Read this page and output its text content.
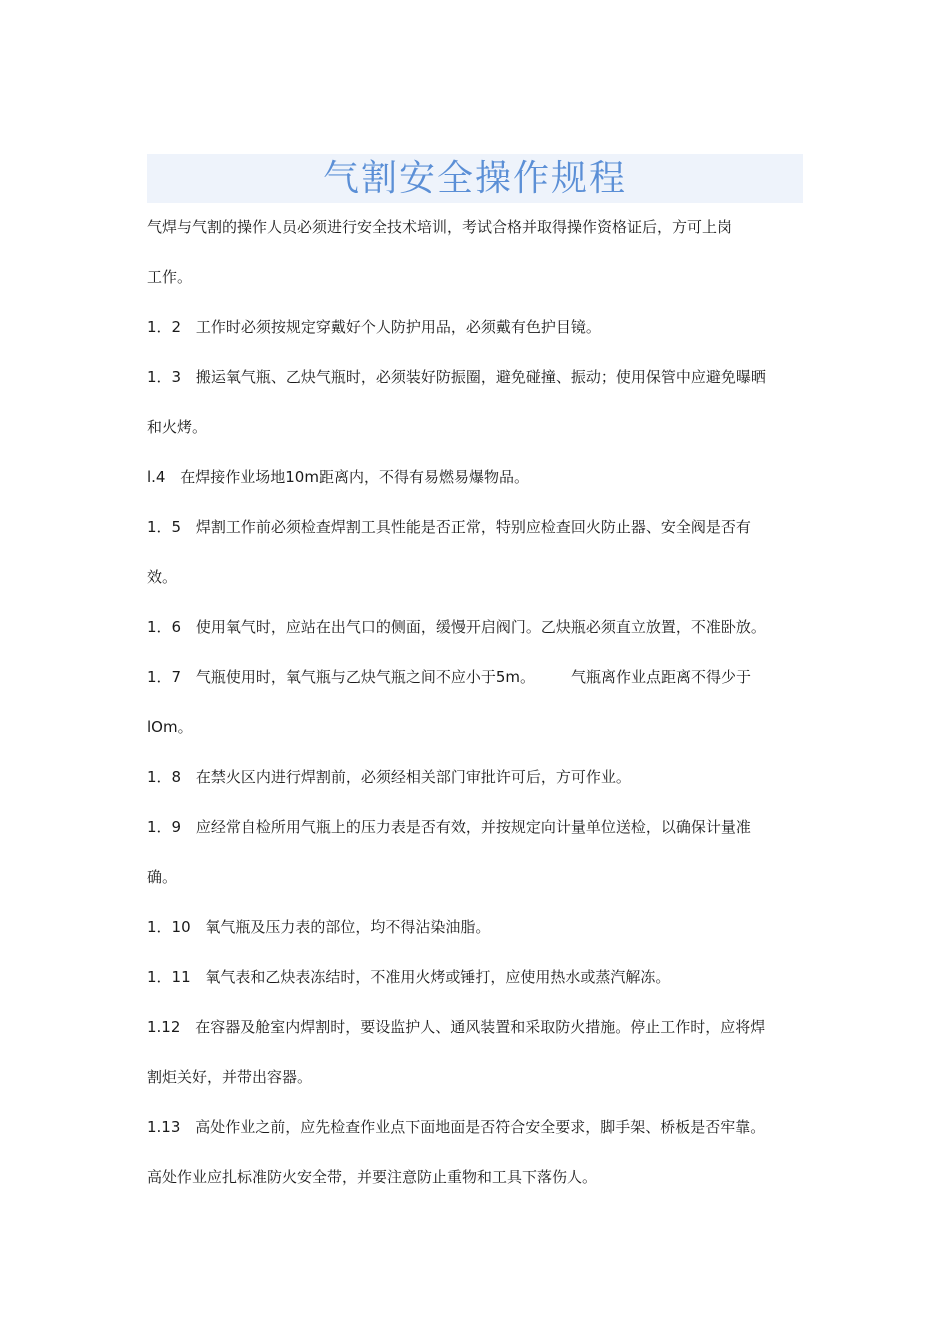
气割安全操作规程
气焊与气割的操作人员必须进行安全技术培训，考试合格并取得操作资格证后，方可上岗
工作。
1．2 工作时必须按规定穿戴好个人防护用品，必须戴有色护目镜。
1．3 搬运氧气瓶、乙炔气瓶时，必须装好防振圈，避免碰撞、振动；使用保管中应避免曝晒
和火烤。
l.4 在焊接作业场地10m距离内，不得有易燃易爆物品。
1．5 焊割工作前必须检查焊割工具性能是否正常，特别应检查回火防止器、安全阀是否有
效。
1．6 使用氧气时，应站在出气口的侧面，缓慢开启阀门。乙炔瓶必须直立放置，不准卧放。
1．7 气瓶使用时，氧气瓶与乙炔气瓶之间不应小于5m。 气瓶离作业点距离不得少于
lOm。
1．8 在禁火区内进行焊割前，必须经相关部门审批许可后，方可作业。
1．9 应经常自检所用气瓶上的压力表是否有效，并按规定向计量单位送检，以确保计量准
确。
1．10 氧气瓶及压力表的部位，均不得沾染油脂。
1．11 氧气表和乙炔表冻结时，不准用火烤或锤打，应使用热水或蒸汽解冻。
1.12 在容器及舱室内焊割时，要设监护人、通风装置和采取防火措施。停止工作时，应将焊
割炬关好，并带出容器。
1.13 高处作业之前，应先检查作业点下面地面是否符合安全要求，脚手架、桥板是否牢靠。
高处作业应扎标准防火安全带，并要注意防止重物和工具下落伤人。
